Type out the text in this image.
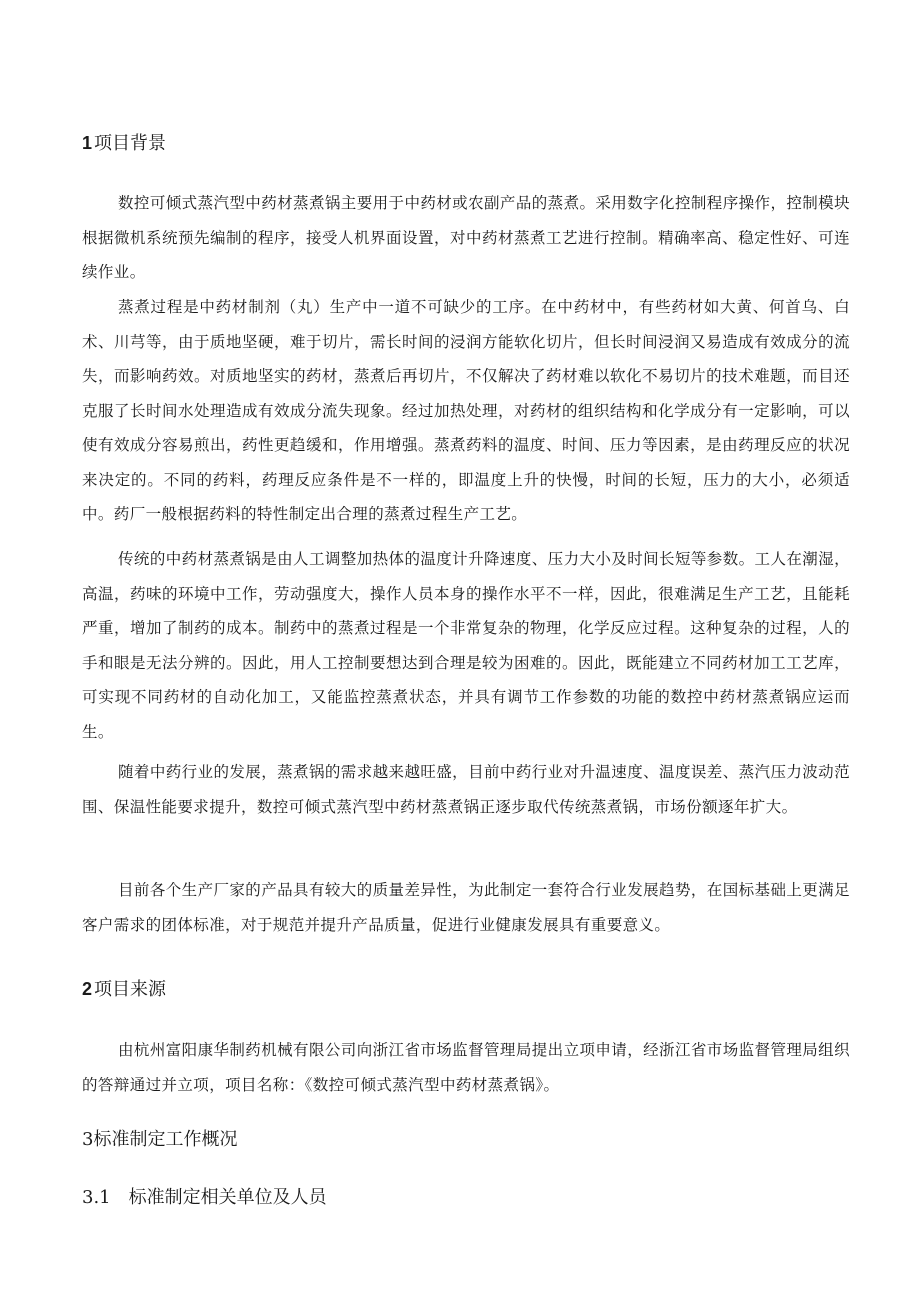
1 项目背景

数控可倾式蒸汽型中药材蒸煮锅主要用于中药材或农副产品的蒸煮。采用数字化控制程序操作，控制模块根据微机系统预先编制的程序，接受人机界面设置，对中药材蒸煮工艺进行控制。精确率高、稳定性好、可连续作业。

蒸煮过程是中药材制剂（丸）生产中一道不可缺少的工序。在中药材中，有些药材如大黄、何首乌、白术、川芎等，由于质地坚硬，难于切片，需长时间的浸润方能软化切片，但长时间浸润又易造成有效成分的流失，而影响药效。对质地坚实的药材，蒸煮后再切片，不仅解决了药材难以软化不易切片的技术难题，而目还克服了长时间水处理造成有效成分流失现象。经过加热处理，对药材的组织结构和化学成分有一定影响，可以使有效成分容易煎出，药性更趋缓和，作用增强。蒸煮药料的温度、时间、压力等因素，是由药理反应的状况来决定的。不同的药料，药理反应条件是不一样的，即温度上升的快慢，时间的长短，压力的大小，必须适中。药厂一般根据药料的特性制定出合理的蒸煮过程生产工艺。

传统的中药材蒸煮锅是由人工调整加热体的温度计升降速度、压力大小及时间长短等参数。工人在潮湿，高温，药味的环境中工作，劳动强度大，操作人员本身的操作水平不一样，因此，很难满足生产工艺，且能耗严重，增加了制药的成本。制药中的蒸煮过程是一个非常复杂的物理，化学反应过程。这种复杂的过程，人的手和眼是无法分辨的。因此，用人工控制要想达到合理是较为困难的。因此，既能建立不同药材加工工艺库，可实现不同药材的自动化加工，又能监控蒸煮状态，并具有调节工作参数的功能的数控中药材蒸煮锅应运而生。

随着中药行业的发展，蒸煮锅的需求越来越旺盛，目前中药行业对升温速度、温度误差、蒸汽压力波动范围、保温性能要求提升，数控可倾式蒸汽型中药材蒸煮锅正逐步取代传统蒸煮锅，市场份额逐年扩大。

目前各个生产厂家的产品具有较大的质量差异性，为此制定一套符合行业发展趋势，在国标基础上更满足客户需求的团体标准，对于规范并提升产品质量，促进行业健康发展具有重要意义。

2 项目来源

由杭州富阳康华制药机械有限公司向浙江省市场监督管理局提出立项申请，经浙江省市场监督管理局组织的答辩通过并立项，项目名称：《数控可倾式蒸汽型中药材蒸煮锅》。

3标准制定工作概况
3.1 标准制定相关单位及人员
